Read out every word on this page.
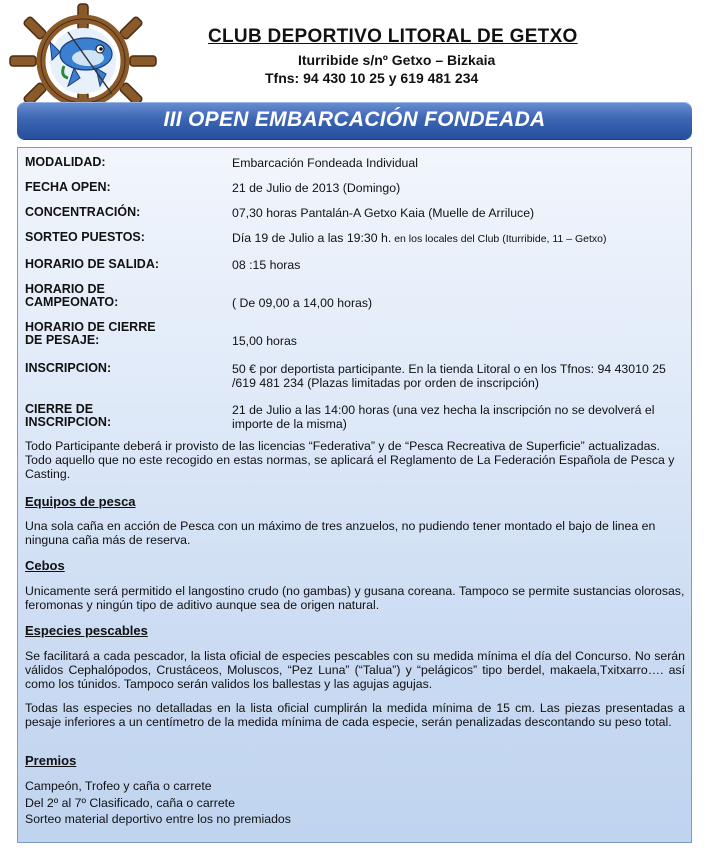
CLUB DEPORTIVO LITORAL DE GETXO
Iturribide s/nº Getxo – Bizkaia
Tfns: 94 430 10 25 y 619 481 234
III OPEN EMBARCACIÓN FONDEADA
MODALIDAD:	Embarcación Fondeada Individual
FECHA OPEN:	21 de Julio de 2013 (Domingo)
CONCENTRACIÓN:	07,30 horas Pantalán-A Getxo Kaia (Muelle de Arriluce)
SORTEO PUESTOS:	Día 19 de Julio a las 19:30 h. en los locales del Club (Iturribide, 11 – Getxo)
HORARIO DE SALIDA:	08 :15 horas
HORARIO DE CAMPEONATO:	( De 09,00 a 14,00 horas)
HORARIO DE CIERRE DE PESAJE:	15,00 horas
INSCRIPCION:	50 € por deportista participante. En la tienda Litoral o en los Tfnos: 94 43010 25 /619 481 234 (Plazas limitadas por orden de inscripción)
CIERRE DE INSCRIPCION:
21 de Julio a las 14:00 horas (una vez hecha la inscripción no se devolverá el importe de la misma)
Todo Participante deberá ir provisto de las licencias “Federativa” y de “Pesca Recreativa de Superficie” actualizadas. Todo aquello que no este recogido en estas normas, se aplicará el Reglamento de La Federación Española de Pesca y Casting.
Equipos de pesca
Una sola caña en acción de Pesca con un máximo de tres anzuelos, no pudiendo tener montado el bajo de linea en ninguna caña más de reserva.
Cebos
Unicamente será permitido el langostino crudo (no gambas) y gusana coreana. Tampoco se permite sustancias olorosas, feromonas y ningún tipo de aditivo aunque sea de origen natural.
Especies pescables
Se facilitará a cada pescador, la lista oficial de especies pescables con su medida mínima el día del Concurso. No serán válidos Cephalópodos, Crustáceos, Moluscos, “Pez Luna” (“Talua”) y “pelágicos” tipo berdel, makaela,Txitxarro…. así como los túnidos. Tampoco serán validos los ballestas y las agujas agujas.
Todas las especies no detalladas en la lista oficial cumplirán la medida mínima de 15 cm. Las piezas presentadas a pesaje inferiores a un centímetro de la medida mínima de cada especie, serán penalizadas descontando su peso total.
Premios
Campeón, Trofeo y caña o carrete
Del 2º al 7º Clasificado, caña o carrete
Sorteo material deportivo entre los no premiados
